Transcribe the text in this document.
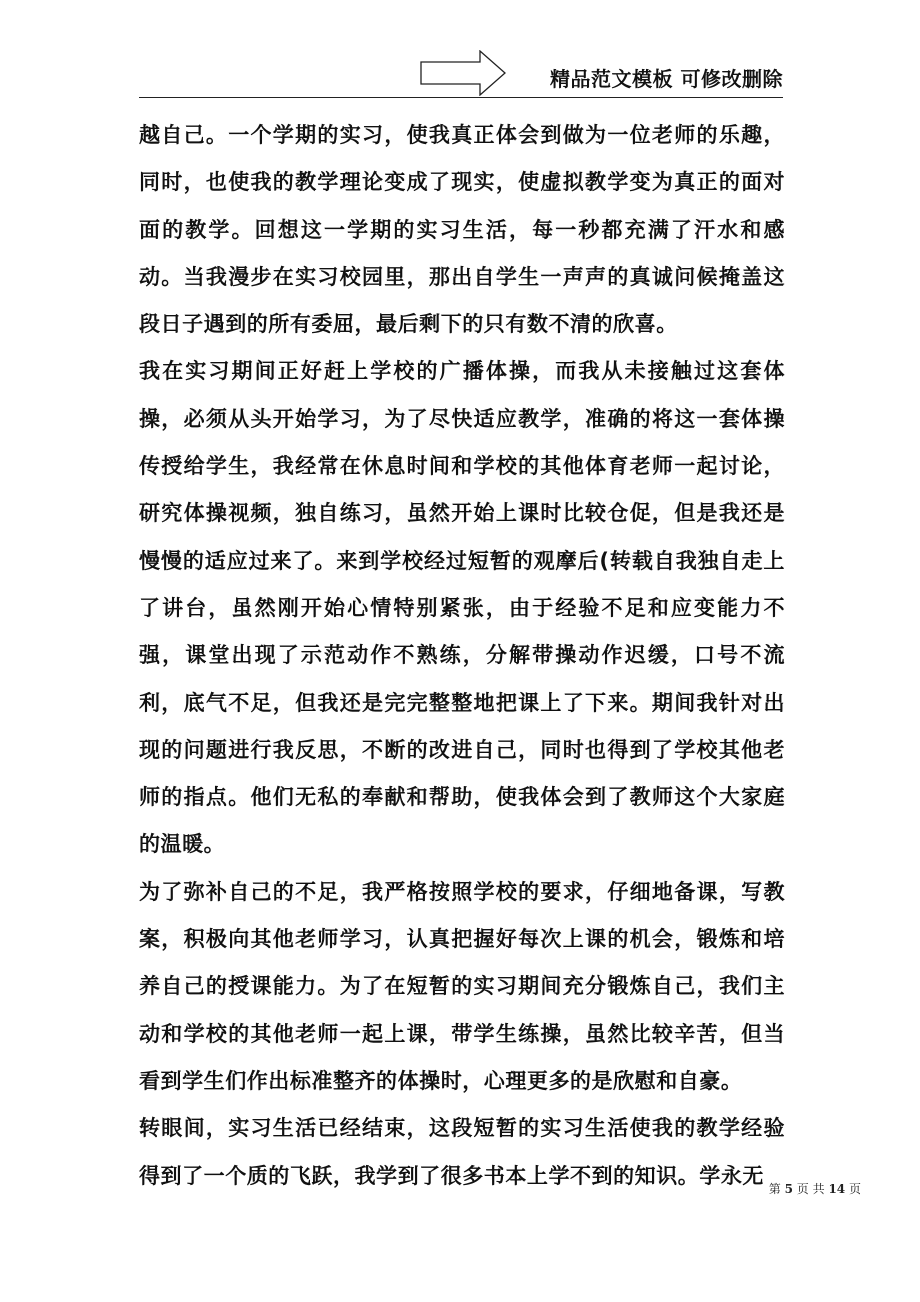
精品范文模板 可修改删除

越自己。一个学期的实习，使我真正体会到做为一位老师的乐趣，同时，也使我的教学理论变成了现实，使虚拟教学变为真正的面对面的教学。回想这一学期的实习生活，每一秒都充满了汗水和感动。当我漫步在实习校园里，那出自学生一声声的真诚问候掩盖这段日子遇到的所有委屈，最后剩下的只有数不清的欣喜。

我在实习期间正好赶上学校的广播体操，而我从未接触过这套体操，必须从头开始学习，为了尽快适应教学，准确的将这一套体操传授给学生，我经常在休息时间和学校的其他体育老师一起讨论，研究体操视频，独自练习，虽然开始上课时比较仓促，但是我还是慢慢的适应过来了。来到学校经过短暂的观摩后(转载自我独自走上了讲台，虽然刚开始心情特别紧张，由于经验不足和应变能力不强，课堂出现了示范动作不熟练，分解带操动作迟缓，口号不流利，底气不足，但我还是完完整整地把课上了下来。期间我针对出现的问题进行我反思，不断的改进自己，同时也得到了学校其他老师的指点。他们无私的奉献和帮助，使我体会到了教师这个大家庭的温暖。

为了弥补自己的不足，我严格按照学校的要求，仔细地备课，写教案，积极向其他老师学习，认真把握好每次上课的机会，锻炼和培养自己的授课能力。为了在短暂的实习期间充分锻炼自己，我们主动和学校的其他老师一起上课，带学生练操，虽然比较辛苦，但当看到学生们作出标准整齐的体操时，心理更多的是欣慰和自豪。

转眼间，实习生活已经结束，这段短暂的实习生活使我的教学经验得到了一个质的飞跃，我学到了很多书本上学不到的知识。学永无

第 5 页 共 14 页
